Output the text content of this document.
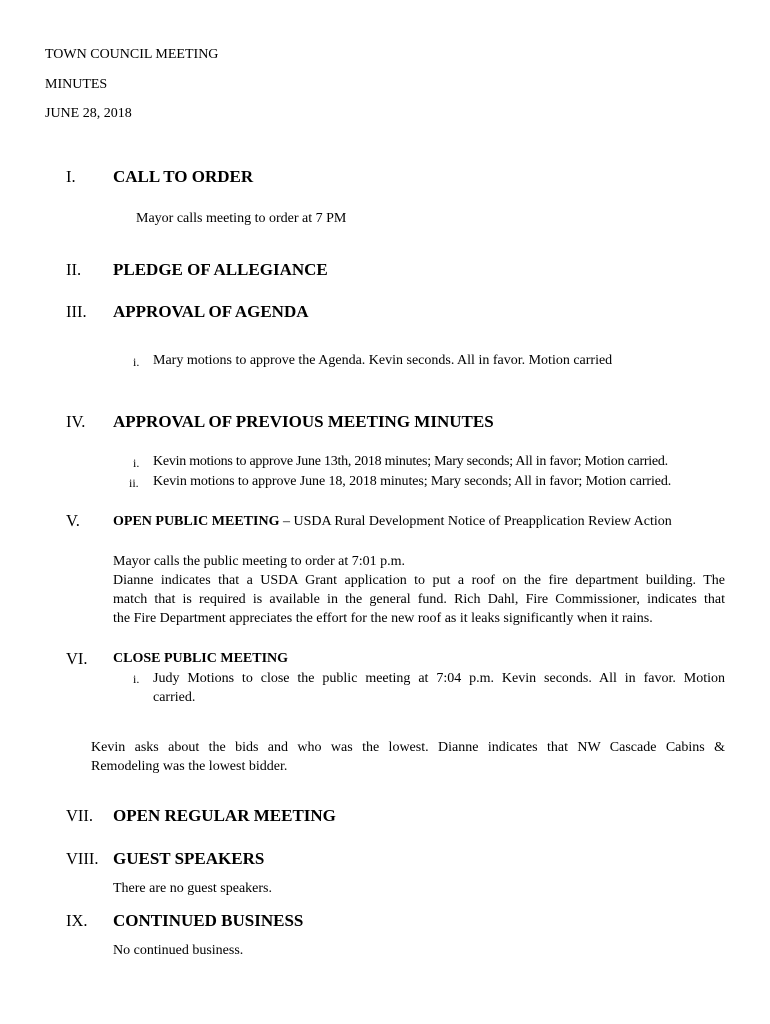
TOWN COUNCIL MEETING
MINUTES
JUNE 28, 2018
I. CALL TO ORDER
Mayor calls meeting to order at 7 PM
II. PLEDGE OF ALLEGIANCE
III. APPROVAL OF AGENDA
i. Mary motions to approve the Agenda. Kevin seconds. All in favor. Motion carried
IV. APPROVAL OF PREVIOUS MEETING MINUTES
i. Kevin motions to approve June 13th, 2018 minutes; Mary seconds; All in favor; Motion carried.
ii. Kevin motions to approve June 18, 2018 minutes; Mary seconds; All in favor; Motion carried.
V. OPEN PUBLIC MEETING – USDA Rural Development Notice of Preapplication Review Action
Mayor calls the public meeting to order at 7:01 p.m.
Dianne indicates that a USDA Grant application to put a roof on the fire department building. The
match that is required is available in the general fund. Rich Dahl, Fire Commissioner, indicates that
the Fire Department appreciates the effort for the new roof as it leaks significantly when it rains.
VI. CLOSE PUBLIC MEETING
i. Judy Motions to close the public meeting at 7:04 p.m. Kevin seconds. All in favor. Motion
carried.
Kevin asks about the bids and who was the lowest. Dianne indicates that NW Cascade Cabins &
Remodeling was the lowest bidder.
VII. OPEN REGULAR MEETING
VIII. GUEST SPEAKERS
There are no guest speakers.
IX. CONTINUED BUSINESS
No continued business.
